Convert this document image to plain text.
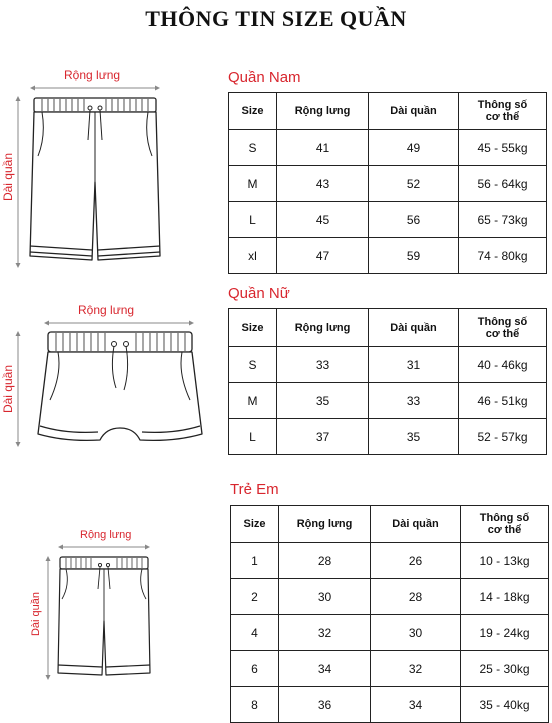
THÔNG TIN SIZE QUẦN
Rộng lưng
Dài quần
Quần Nam
Size	Rộng lưng	Dài quần	Thông số
cơ thể

S	41	49	45 - 55kg
M	43	52	56 - 64kg
L	45	56	65 - 73kg
xl	47	59	74 - 80kg
Rộng lưng
Dài quần
Quần Nữ
Size	Rộng lưng	Dài quần	Thông số
cơ thể

S	33	31	40 - 46kg
M	35	33	46 - 51kg
L	37	35	52 - 57kg
Rộng lưng
Dài quần
Trẻ Em
Size	Rộng lưng	Dài quần	Thông số
cơ thể

1	28	26	10 - 13kg
2	30	28	14 - 18kg
4	32	30	19 - 24kg
6	34	32	25 - 30kg
8	36	34	35 - 40kg
